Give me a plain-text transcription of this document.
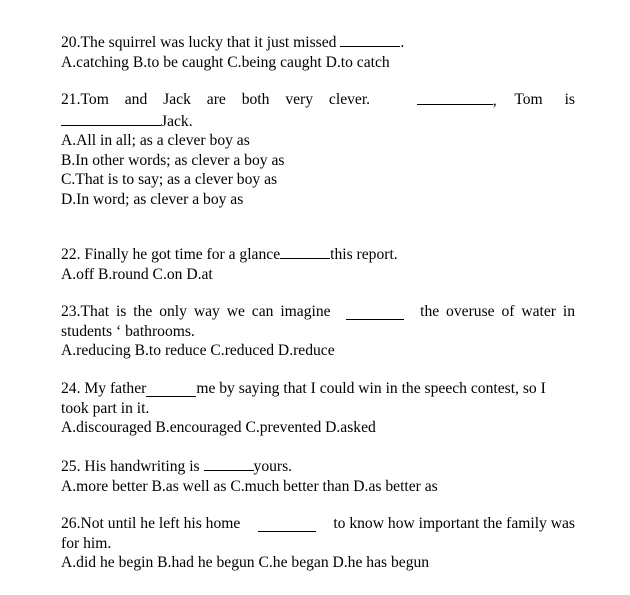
20.The squirrel was lucky that it just missed	.
A.catching B.to be caught C.being caught D.to catch
21.Tom and Jack are both very clever.	, Tom is
Jack.
A.All in all; as a clever boy as
B.In other words; as clever a boy as
C.That is to say; as a clever boy as
D.In word; as clever a boy as
22. Finally he got time for a glance	this report.
A.off B.round C.on D.at
23.That is the only way we can imagine	the overuse of water in
students ‘ bathrooms.
A.reducing B.to reduce C.reduced D.reduce
24. My father	me by saying that I could win in the speech contest, so I
took part in it.
A.discouraged B.encouraged C.prevented D.asked
25. His handwriting is	yours.
A.more better B.as well as C.much better than D.as better as
26.Not until he left his home	to know how important the family was
for him.
A.did he begin B.had he begun C.he began D.he has begun
